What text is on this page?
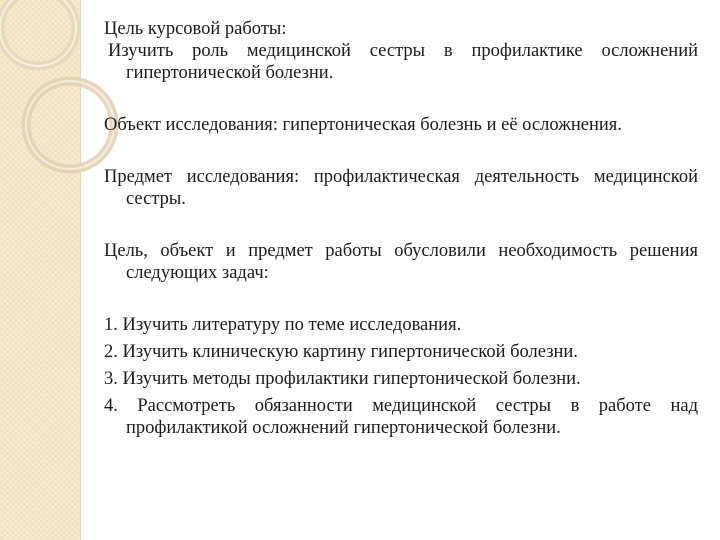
Цель курсовой работы:

Изучить роль медицинской сестры в профилактике осложнений гипертонической болезни.

Объект исследования: гипертоническая болезнь и её осложнения.

Предмет исследования: профилактическая деятельность медицинской сестры.

Цель, объект и предмет работы обусловили необходимость решения следующих задач:

1. Изучить литературу по теме исследования.
2. Изучить клиническую картину гипертонической болезни.
3. Изучить методы профилактики гипертонической болезни.
4. Рассмотреть обязанности медицинской сестры в работе над профилактикой осложнений гипертонической болезни.
